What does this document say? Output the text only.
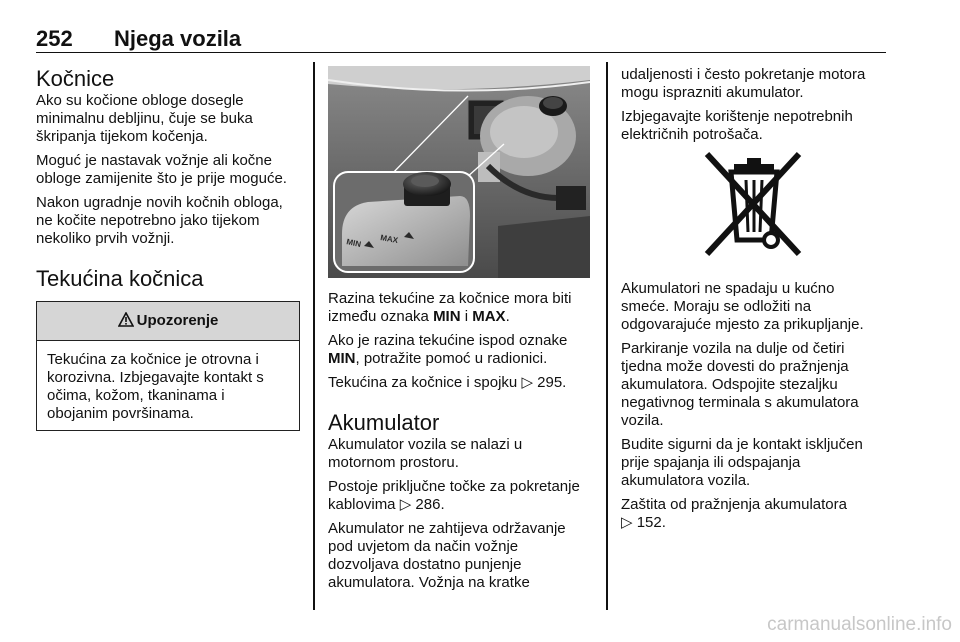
252 Njega vozila
Kočnice

Ako su kočione obloge dosegle minimalnu debljinu, čuje se buka škripanja tijekom kočenja.

Moguć je nastavak vožnje ali kočne obloge zamijenite što je prije moguće.

Nakon ugradnje novih kočnih obloga, ne kočite nepotrebno jako tijekom nekoliko prvih vožnji.

Tekućina kočnica
Upozorenje
Tekućina za kočnice je otrovna i korozivna. Izbjegavajte kontakt s očima, kožom, tkaninama i obojanim površinama.
MAX
MIN

Razina tekućine za kočnice mora biti između oznaka MIN i MAX.

Ako je razina tekućine ispod oznake MIN, potražite pomoć u radionici.

Tekućina za kočnice i spojku ▷ 295.

Akumulator

Akumulator vozila se nalazi u motornom prostoru.

Postoje priključne točke za pokretanje kablovima ▷ 286.

Akumulator ne zahtijeva održavanje pod uvjetom da način vožnje dozvoljava dostatno punjenje akumulatora. Vožnja na kratke

udaljenosti i često pokretanje motora mogu isprazniti akumulator.

Izbjegavajte korištenje nepotrebnih električnih potrošača.

Akumulatori ne spadaju u kućno smeće. Moraju se odložiti na odgovarajuće mjesto za prikupljanje.

Parkiranje vozila na dulje od četiri tjedna može dovesti do pražnjenja akumulatora. Odspojite stezaljku negativnog terminala s akumulatora vozila.

Budite sigurni da je kontakt isključen prije spajanja ili odspajanja akumulatora vozila.

Zaštita od pražnjenja akumulatora
▷ 152.

carmanualsonline.info
